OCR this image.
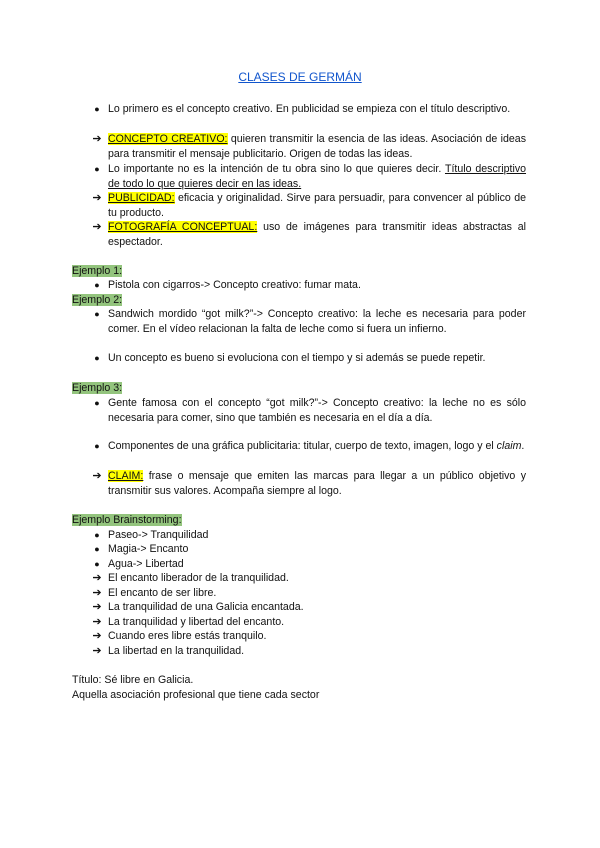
CLASES DE GERMÁN
● Lo primero es el concepto creativo. En publicidad se empieza con el título descriptivo.
➔ CONCEPTO CREATIVO: quieren transmitir la esencia de las ideas. Asociación de ideas para transmitir el mensaje publicitario. Origen de todas las ideas.
● Lo importante no es la intención de tu obra sino lo que quieres decir. Título descriptivo de todo lo que quieres decir en las ideas.
➔ PUBLICIDAD: eficacia y originalidad. Sirve para persuadir, para convencer al público de tu producto.
➔ FOTOGRAFÍA CONCEPTUAL: uso de imágenes para transmitir ideas abstractas al espectador.
Ejemplo 1:
● Pistola con cigarros-> Concepto creativo: fumar mata.
Ejemplo 2:
● Sandwich mordido “got milk?”-> Concepto creativo: la leche es necesaria para poder comer. En el vídeo relacionan la falta de leche como si fuera un infierno.
● Un concepto es bueno si evoluciona con el tiempo y si además se puede repetir.
Ejemplo 3:
● Gente famosa con el concepto “got milk?”-> Concepto creativo: la leche no es sólo necesaria para comer, sino que también es necesaria en el día a día.
● Componentes de una gráfica publicitaria: titular, cuerpo de texto, imagen, logo y el claim.
➔ CLAIM: frase o mensaje que emiten las marcas para llegar a un público objetivo y transmitir sus valores. Acompaña siempre al logo.
Ejemplo Brainstorming:
● Paseo-> Tranquilidad
● Magia-> Encanto
● Agua-> Libertad
➔ El encanto liberador de la tranquilidad.
➔ El encanto de ser libre.
➔ La tranquilidad de una Galicia encantada.
➔ La tranquilidad y libertad del encanto.
➔ Cuando eres libre estás tranquilo.
➔ La libertad en la tranquilidad.
Título: Sé libre en Galicia.
Aquella asociación profesional que tiene cada sector
